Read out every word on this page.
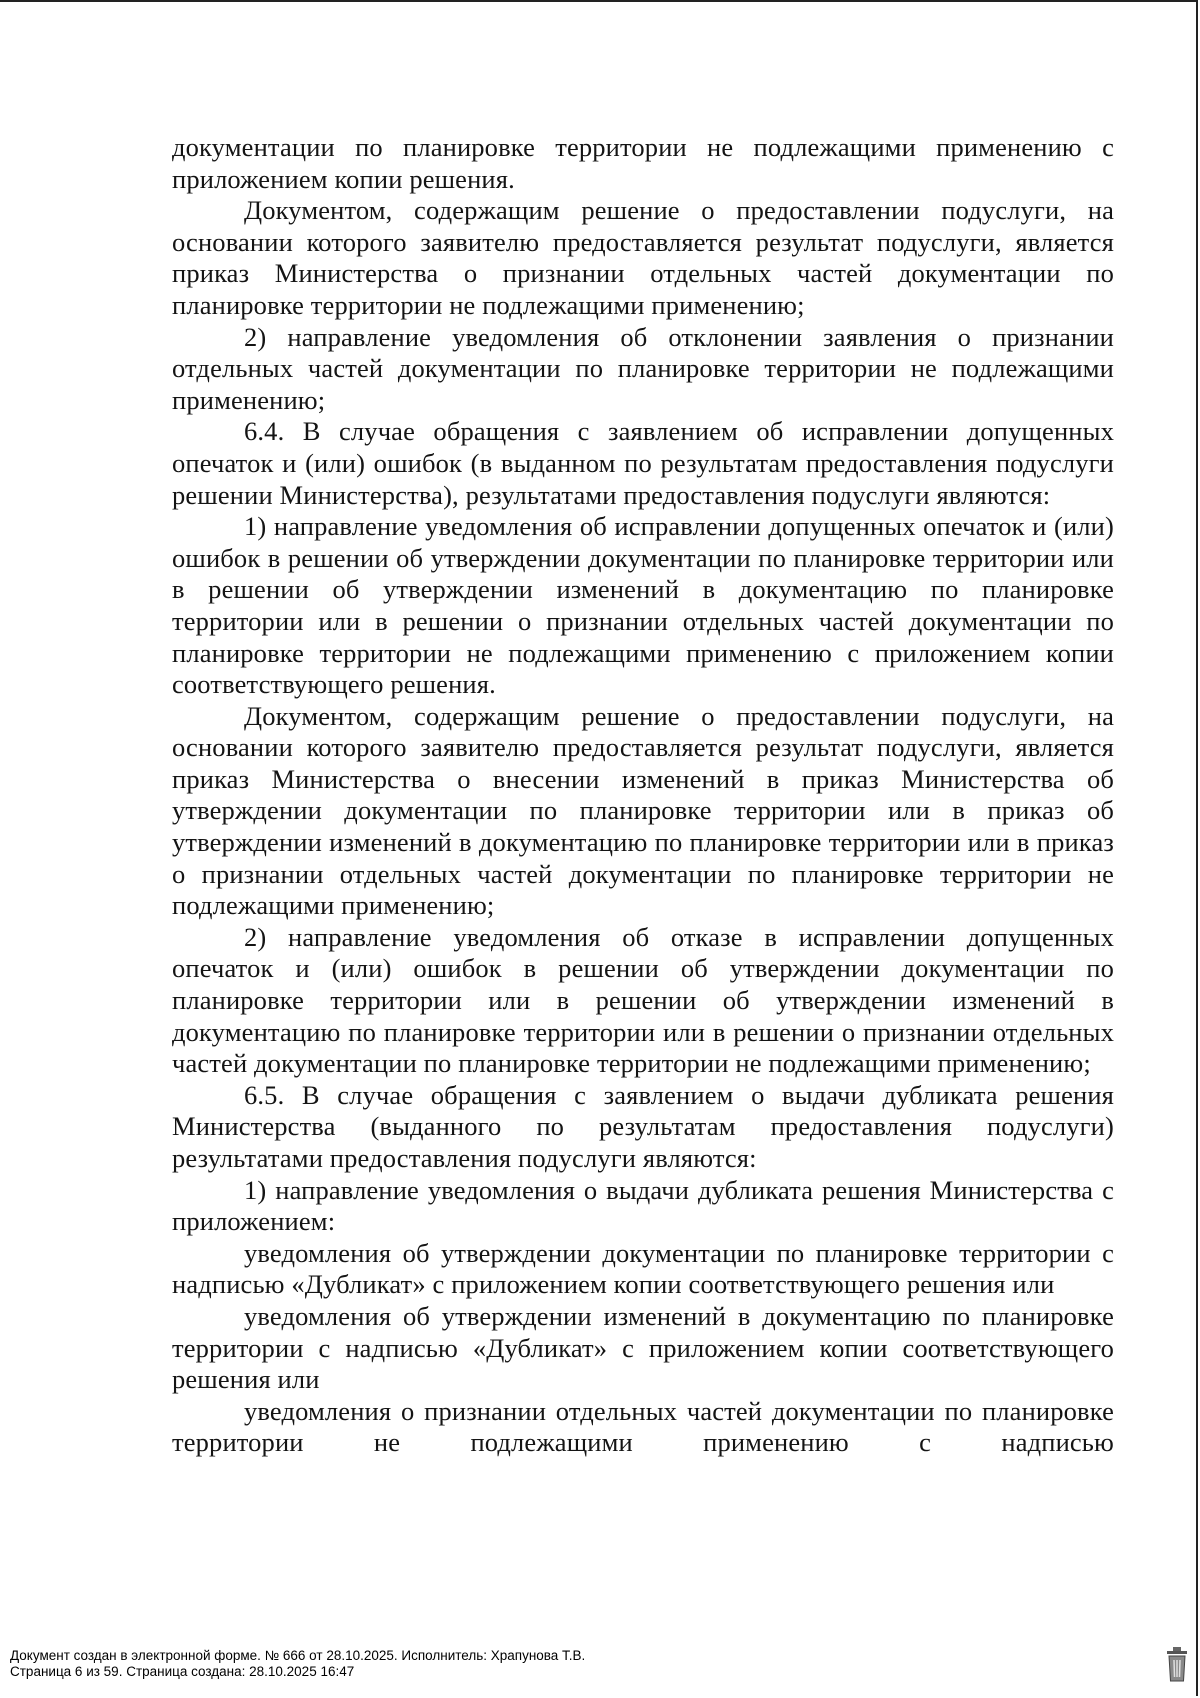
документации по планировке территории не подлежащими применению с приложением копии решения.

Документом, содержащим решение о предоставлении подуслуги, на основании которого заявителю предоставляется результат подуслуги, является приказ Министерства о признании отдельных частей документации по планировке территории не подлежащими применению;

2) направление уведомления об отклонении заявления о признании отдельных частей документации по планировке территории не подлежащими применению;

6.4. В случае обращения с заявлением об исправлении допущенных опечаток и (или) ошибок (в выданном по результатам предоставления подуслуги решении Министерства), результатами предоставления подуслуги являются:

1) направление уведомления об исправлении допущенных опечаток и (или) ошибок в решении об утверждении документации по планировке территории или в решении об утверждении изменений в документацию по планировке территории или в решении о признании отдельных частей документации по планировке территории не подлежащими применению с приложением копии соответствующего решения.

Документом, содержащим решение о предоставлении подуслуги, на основании которого заявителю предоставляется результат подуслуги, является приказ Министерства о внесении изменений в приказ Министерства об утверждении документации по планировке территории или в приказ об утверждении изменений в документацию по планировке территории или в приказ о признании отдельных частей документации по планировке территории не подлежащими применению;

2) направление уведомления об отказе в исправлении допущенных опечаток и (или) ошибок в решении об утверждении документации по планировке территории или в решении об утверждении изменений в документацию по планировке территории или в решении о признании отдельных частей документации по планировке территории не подлежащими применению;

6.5. В случае обращения с заявлением о выдачи дубликата решения Министерства (выданного по результатам предоставления подуслуги) результатами предоставления подуслуги являются:

1) направление уведомления о выдачи дубликата решения Министерства с приложением:

уведомления об утверждении документации по планировке территории с надписью «Дубликат» с приложением копии соответствующего решения или

уведомления об утверждении изменений в документацию по планировке территории с надписью «Дубликат» с приложением копии соответствующего решения или

уведомления о признании отдельных частей документации по планировке территории не подлежащими применению с надписью

Документ создан в электронной форме. № 666 от 28.10.2025. Исполнитель: Храпунова Т.В.
Страница 6 из 59. Страница создана: 28.10.2025 16:47
